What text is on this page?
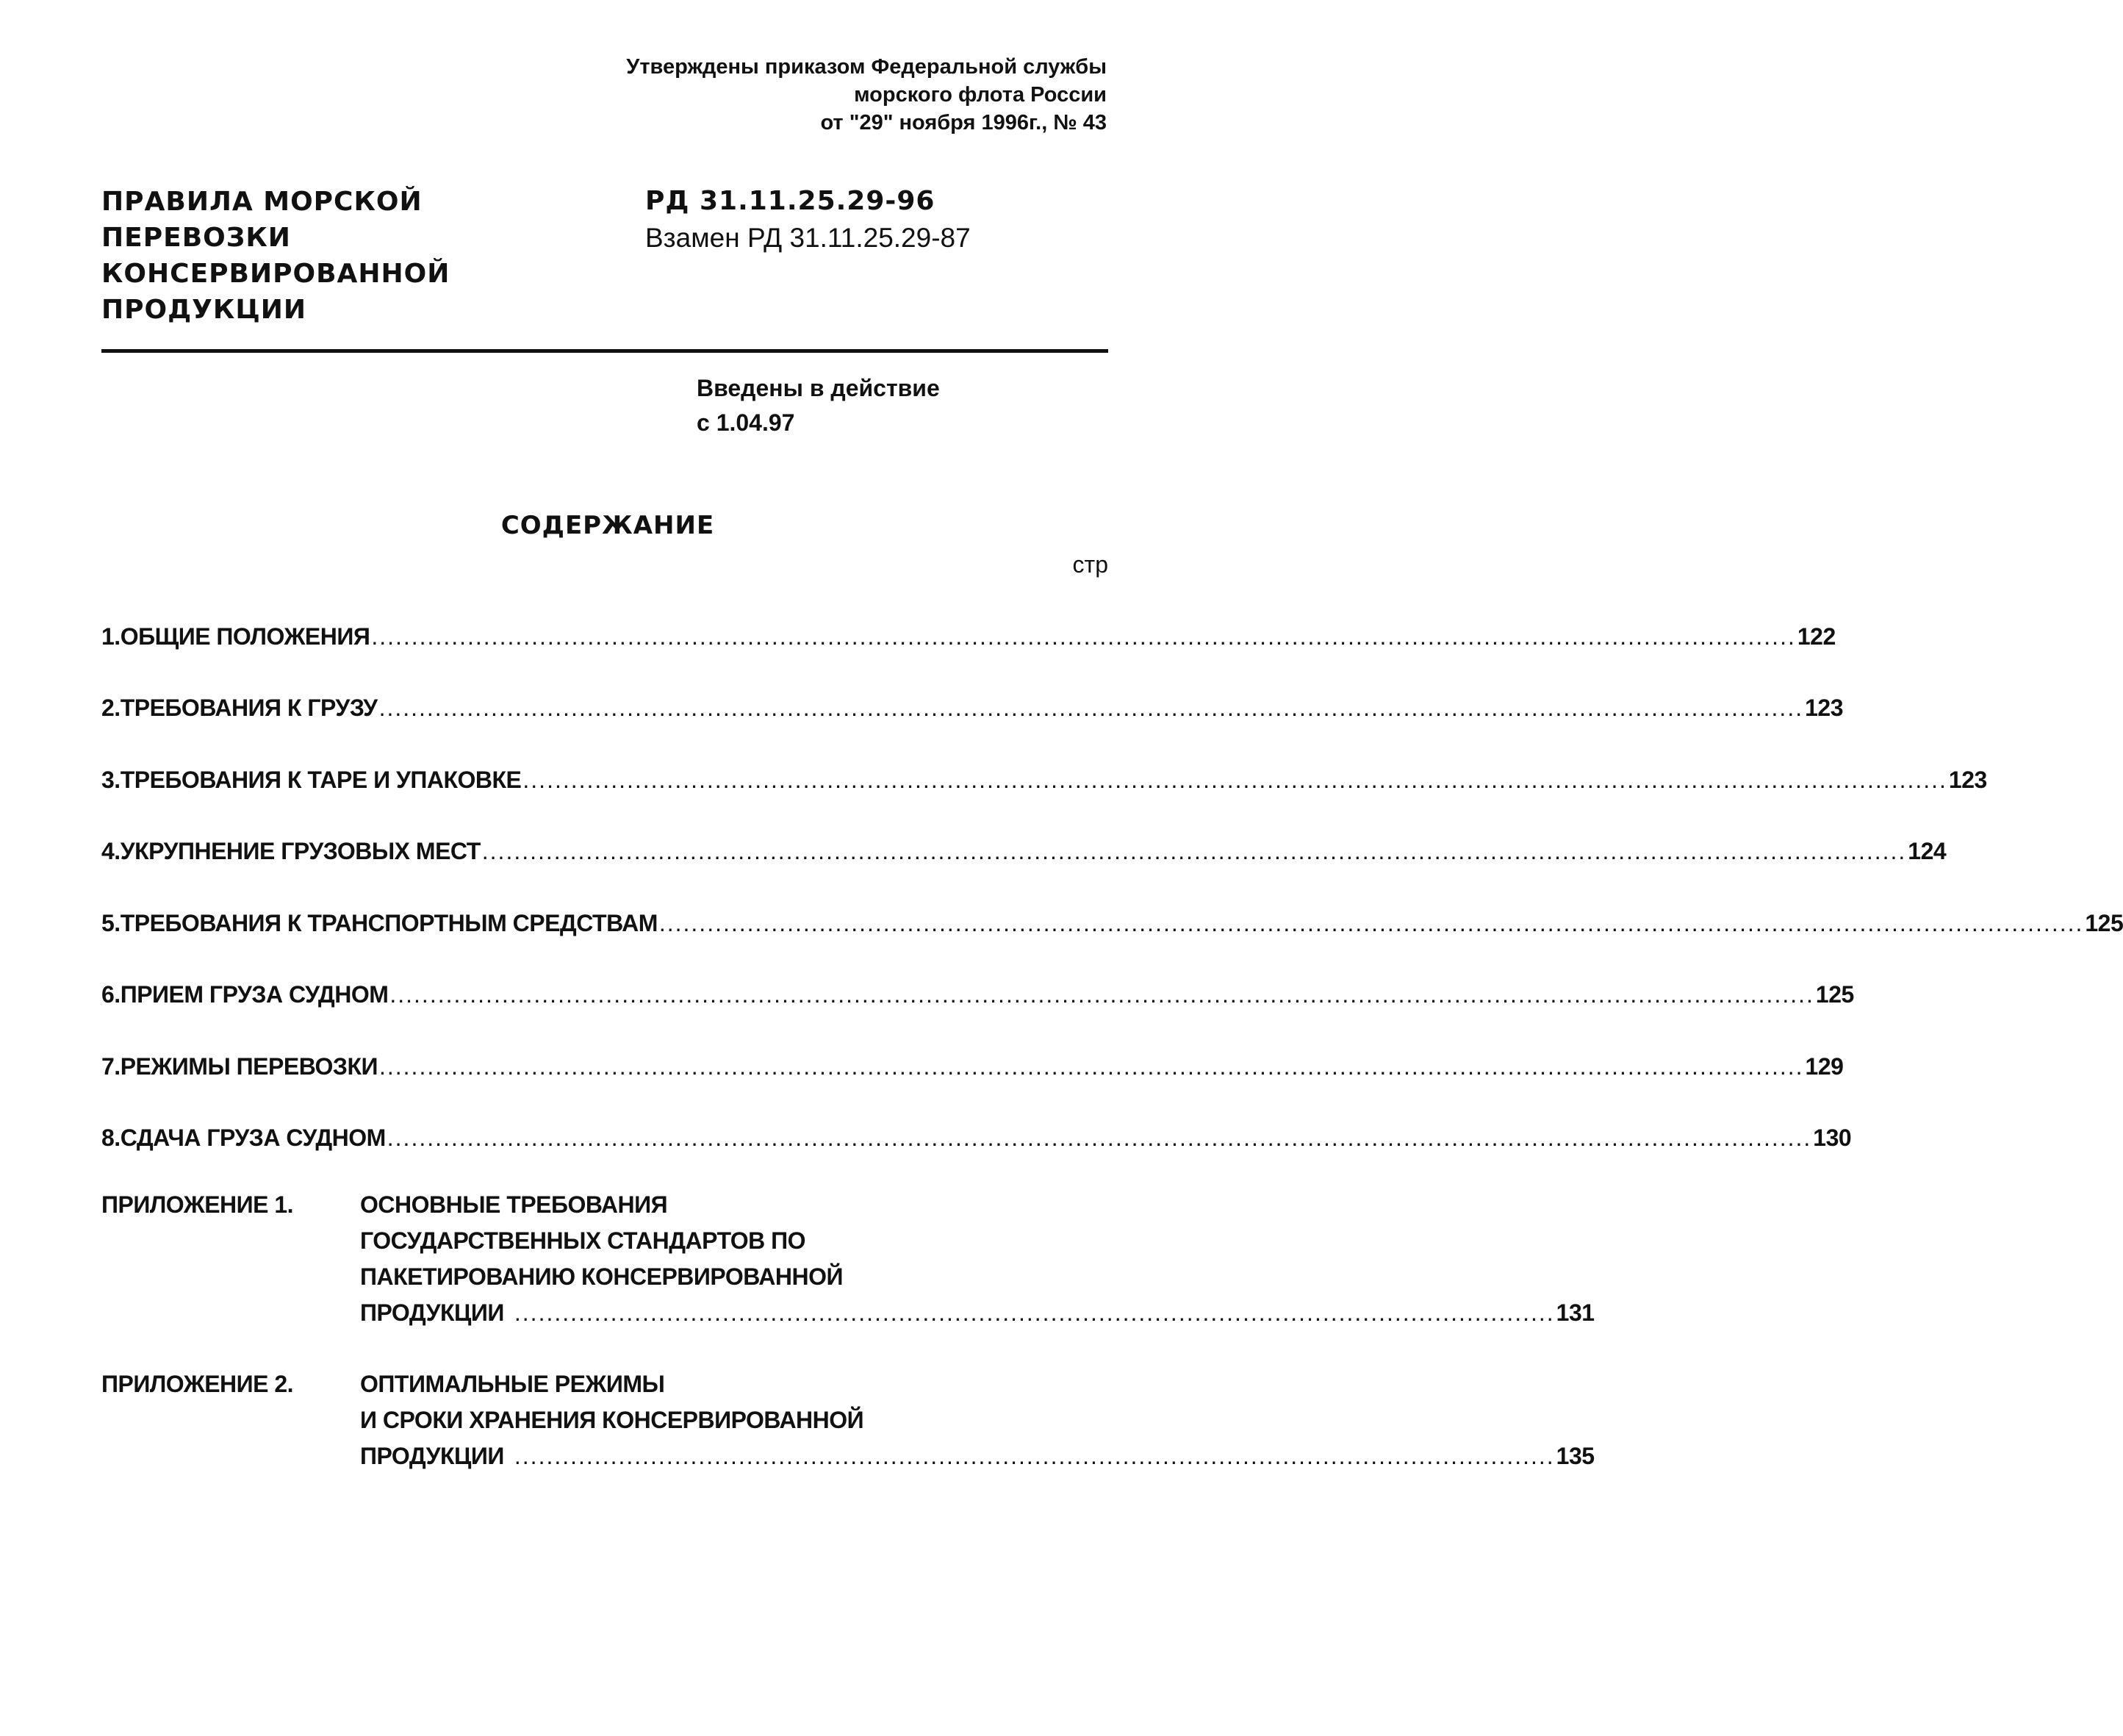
Утверждены приказом Федеральной службы
морского флота России
от "29" ноября 1996г., № 43
ПРАВИЛА МОРСКОЙ
ПЕРЕВОЗКИ
КОНСЕРВИРОВАННОЙ
ПРОДУКЦИИ
РД 31.11.25.29-96
Взамен РД 31.11.25.29-87
Введены в действие
с 1.04.97
СОДЕРЖАНИЕ
стр
1. ОБЩИЕ ПОЛОЖЕНИЯ .................................................................................................................................................................................. 122
2. ТРЕБОВАНИЯ К ГРУЗУ .................................................................................................................................................................................. 123
3. ТРЕБОВАНИЯ К ТАРЕ И УПАКОВКЕ .................................................................................................................................................................................. 123
4. УКРУПНЕНИЕ ГРУЗОВЫХ МЕСТ .................................................................................................................................................................................. 124
5. ТРЕБОВАНИЯ К ТРАНСПОРТНЫМ СРЕДСТВАМ .................................................................................................................................................................................. 125
6. ПРИЕМ ГРУЗА СУДНОМ .................................................................................................................................................................................. 125
7. РЕЖИМЫ ПЕРЕВОЗКИ .................................................................................................................................................................................. 129
8. СДАЧА ГРУЗА СУДНОМ .................................................................................................................................................................................. 130
ПРИЛОЖЕНИЕ 1.	ОСНОВНЫЕ ТРЕБОВАНИЯ
ГОСУДАРСТВЕННЫХ СТАНДАРТОВ ПО
ПАКЕТИРОВАНИЮ КОНСЕРВИРОВАННОЙ
ПРОДУКЦИИ .................................................................................................................................. 131
ПРИЛОЖЕНИЕ 2.	ОПТИМАЛЬНЫЕ РЕЖИМЫ
И СРОКИ ХРАНЕНИЯ КОНСЕРВИРОВАННОЙ
ПРОДУКЦИИ .................................................................................................................................. 135
